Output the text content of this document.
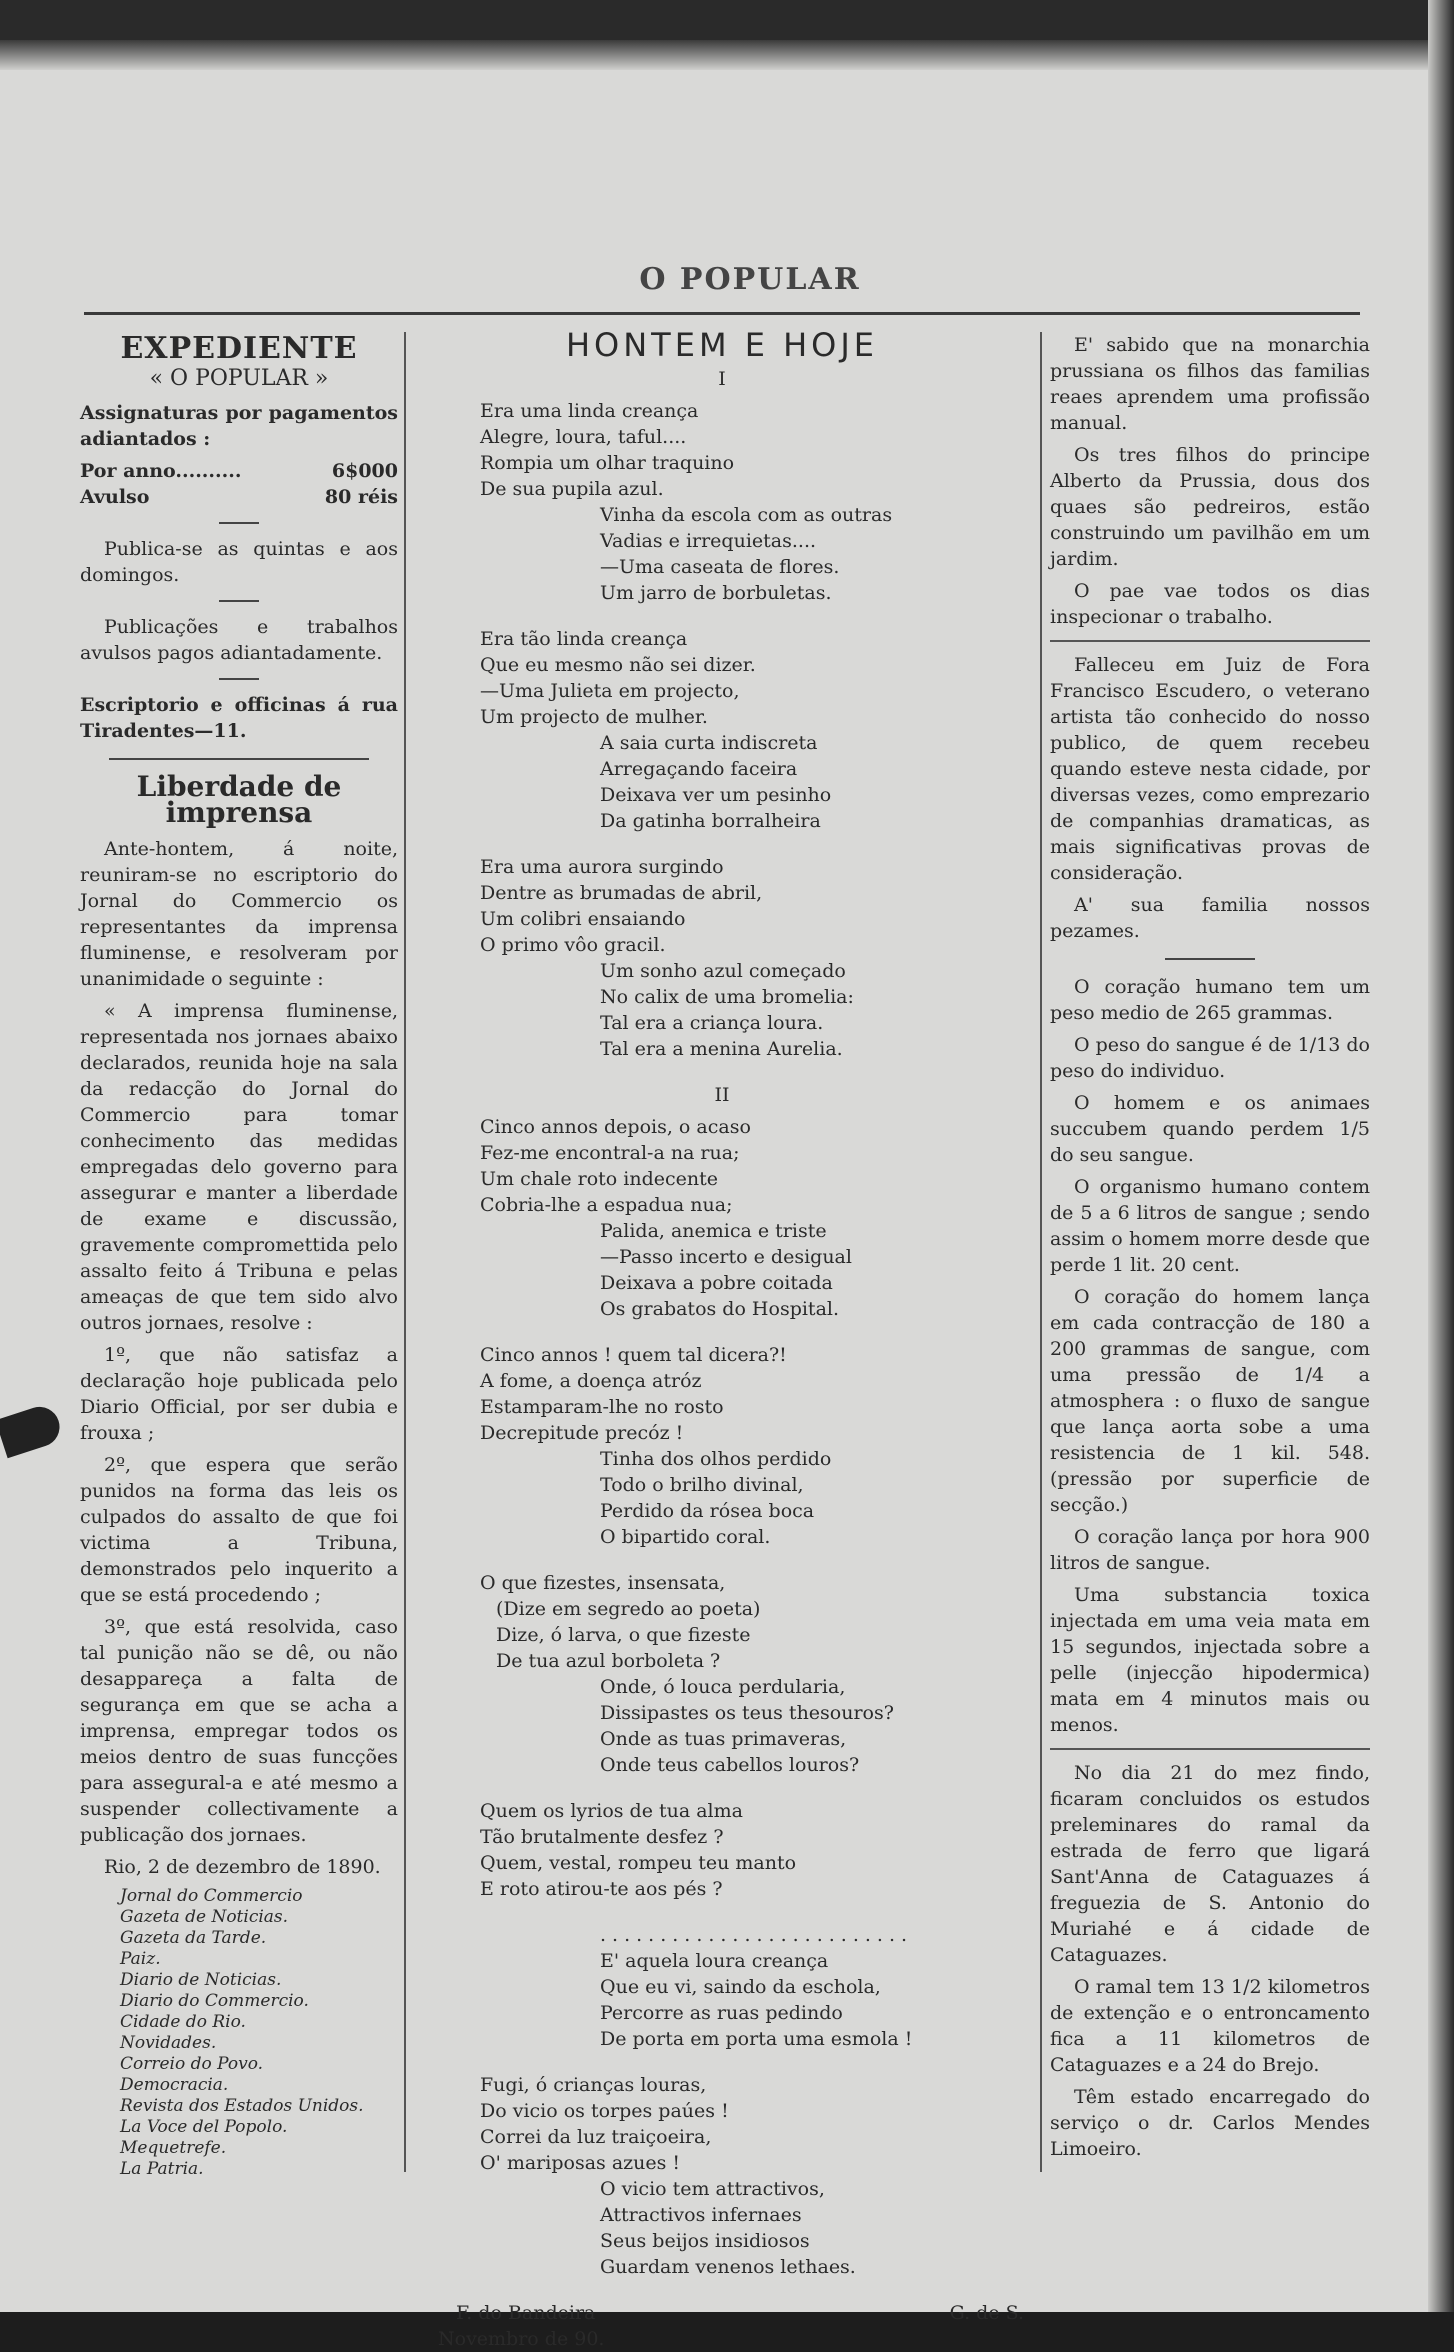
O POPULAR
EXPEDIENTE
« O POPULAR »

Assignaturas por pagamentos adiantados :

Por anno..........	6$000
Avulso	80 réis

Publica-se as quintas e aos domingos.

Publicações e trabalhos avulsos pagos adiantadamente.

Escriptorio e officinas á rua Tiradentes—11.

Liberdade de imprensa

Ante-hontem, á noite, reuniram-se no escriptorio do Jornal do Commercio os representantes da imprensa fluminense, e resolveram por unanimidade o seguinte :

« A imprensa fluminense, representada nos jornaes abaixo declarados, reunida hoje na sala da redacção do Jornal do Commercio para tomar conhecimento das medidas empregadas delo governo para assegurar e manter a liberdade de exame e discussão, gravemente compromettida pelo assalto feito á Tribuna e pelas ameaças de que tem sido alvo outros jornaes, resolve :

1º, que não satisfaz a declaração hoje publicada pelo Diario Official, por ser dubia e frouxa ;

2º, que espera que serão punidos na forma das leis os culpados do assalto de que foi victima a Tribuna, demonstrados pelo inquerito a que se está procedendo ;

3º, que está resolvida, caso tal punição não se dê, ou não desappareça a falta de segurança em que se acha a imprensa, empregar todos os meios dentro de suas funcções para assegural-a e até mesmo a suspender collectivamente a publicação dos jornaes.

Rio, 2 de dezembro de 1890.

Jornal do Commercio
Gazeta de Noticias.
Gazeta da Tarde.
Paiz.
Diario de Noticias.
Diario do Commercio.
Cidade do Rio.
Novidades.
Correio do Povo.
Democracia.
Revista dos Estados Unidos.
La Voce del Popolo.
Mequetrefe.
La Patria.
HONTEM E HOJE
I
Era uma linda creança
Alegre, loura, taful....
Rompia um olhar traquino
De sua pupila azul.
Vinha da escola com as outras
Vadias e irrequietas....
—Uma caseata de flores.
Um jarro de borbuletas.
Era tão linda creança
Que eu mesmo não sei dizer.
—Uma Julieta em projecto,
Um projecto de mulher.
A saia curta indiscreta
Arregaçando faceira
Deixava ver um pesinho
Da gatinha borralheira
Era uma aurora surgindo
Dentre as brumadas de abril,
Um colibri ensaiando
O primo vôo gracil.
Um sonho azul começado
No calix de uma bromelia:
Tal era a criança loura.
Tal era a menina Aurelia.
II
Cinco annos depois, o acaso
Fez-me encontral-a na rua;
Um chale roto indecente
Cobria-lhe a espadua nua;
Palida, anemica e triste
—Passo incerto e desigual
Deixava a pobre coitada
Os grabatos do Hospital.
Cinco annos ! quem tal dicera?!
A fome, a doença atróz
Estamparam-lhe no rosto
Decrepitude precóz !
Tinha dos olhos perdido
Todo o brilho divinal,
Perdido da rósea boca
O bipartido coral.
O que fizestes, insensata,
(Dize em segredo ao poeta)
Dize, ó larva, o que fizeste
De tua azul borboleta ?
Onde, ó louca perdularia,
Dissipastes os teus thesouros?
Onde as tuas primaveras,
Onde teus cabellos louros?
Quem os lyrios de tua alma
Tão brutalmente desfez ?
Quem, vestal, rompeu teu manto
E roto atirou-te aos pés ?
..........................
E' aquela loura creança
Que eu vi, saindo da eschola,
Percorre as ruas pedindo
De porta em porta uma esmola !
Fugi, ó crianças louras,
Do vicio os torpes paúes !
Correi da luz traiçoeira,
O' mariposas azues !
O vicio tem attractivos,
Attractivos infernaes
Seus beijos insidiosos
Guardam venenos lethaes.
F. do Bandeira
Novembro de 90.
G. de S.

E' sabido que na monarchia prussiana os filhos das familias reaes aprendem uma profissão manual.

Os tres filhos do principe Alberto da Prussia, dous dos quaes são pedreiros, estão construindo um pavilhão em um jardim.

O pae vae todos os dias inspecionar o trabalho.

Falleceu em Juiz de Fora Francisco Escudero, o veterano artista tão conhecido do nosso publico, de quem recebeu quando esteve nesta cidade, por diversas vezes, como emprezario de companhias dramaticas, as mais significativas provas de consideração.

A' sua familia nossos pezames.

O coração humano tem um peso medio de 265 grammas.

O peso do sangue é de 1/13 do peso do individuo.

O homem e os animaes succubem quando perdem 1/5 do seu sangue.

O organismo humano contem de 5 a 6 litros de sangue ; sendo assim o homem morre desde que perde 1 lit. 20 cent.

O coração do homem lança em cada contracção de 180 a 200 grammas de sangue, com uma pressão de 1/4 a atmosphera : o fluxo de sangue que lança aorta sobe a uma resistencia de 1 kil. 548. (pressão por superficie de secção.)

O coração lança por hora 900 litros de sangue.

Uma substancia toxica injectada em uma veia mata em 15 segundos, injectada sobre a pelle (injecção hipodermica) mata em 4 minutos mais ou menos.

No dia 21 do mez findo, ficaram concluidos os estudos preleminares do ramal da estrada de ferro que ligará Sant'Anna de Cataguazes á freguezia de S. Antonio do Muriahé e á cidade de Cataguazes.

O ramal tem 13 1/2 kilometros de extenção e o entroncamento fica a 11 kilometros de Cataguazes e a 24 do Brejo.

Têm estado encarregado do serviço o dr. Carlos Mendes Limoeiro.
